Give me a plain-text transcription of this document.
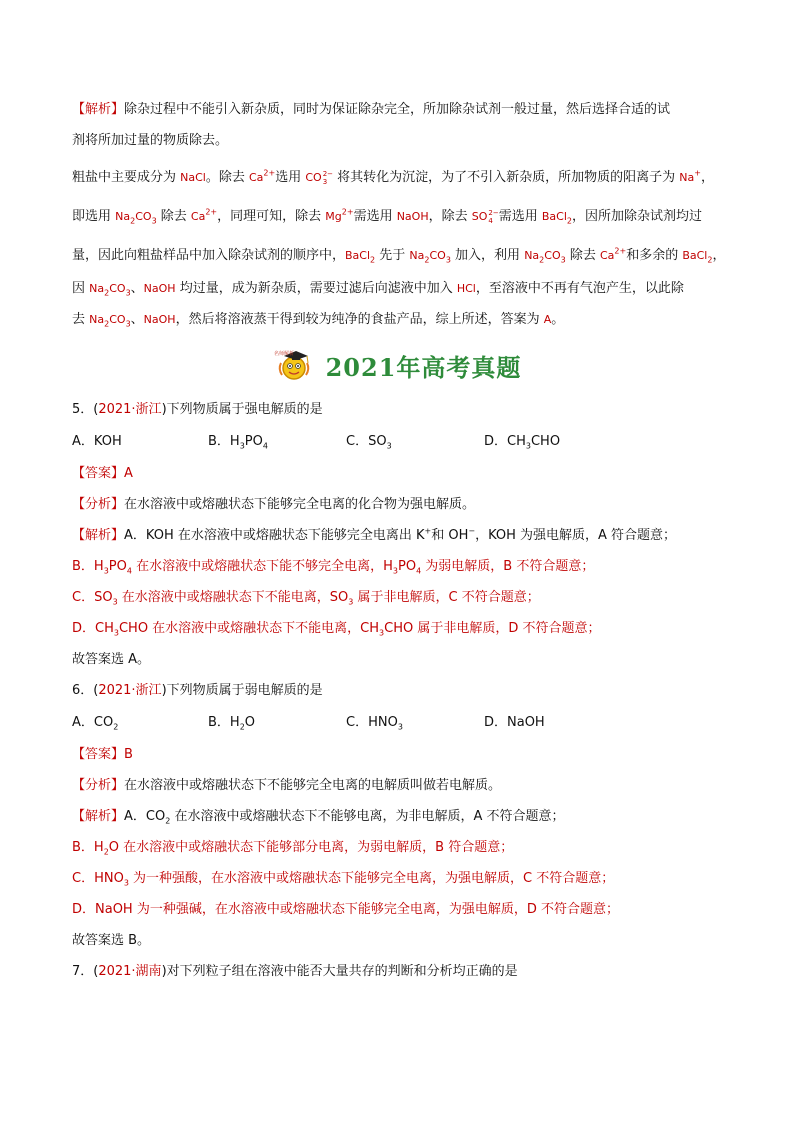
【解析】除杂过程中不能引入新杂质，同时为保证除杂完全，所加除杂试剂一般过量，然后选择合适的试
剂将所加过量的物质除去。
粗盐中主要成分为 NaCl。除去 $Ca^{2+}$选用 CO 2−
3 将其转化为沉淀，为了不引入新杂质，所加物质的阳离子为 Na+，
即选用 $Na_2CO_3$ 除去 $Ca^{2+}$，同理可知，除去 $Mg^{2+}$需选用 NaOH，除去 SO 2−
4 需选用 BaCl$_2$，因所加除杂试剂均过
量，因此向粗盐样品中加入除杂试剂的顺序中，BaCl$_2$ 先于 $Na_2CO_3$ 加入，利用 $Na_2CO_3$ 除去 $Ca^{2+}$和多余的 BaCl$_2$，
因 $Na_2CO_3$、NaOH 均过量，成为新杂质，需要过滤后向滤液中加入 HCl，至溶液中不再有气泡产生，以此除
去 $Na_2CO_3$、NaOH，然后将溶液蒸干得到较为纯净的食盐产品，综上所述，答案为 A。
名师解析 2021年高考真题
5．(2021·浙江)下列物质属于强电解质的是
A．KOH	B．$H_3PO_4$	C．$SO_3$	D．$CH_3CHO$
【答案】A
【分析】在水溶液中或熔融状态下能够完全电离的化合物为强电解质。
【解析】A．KOH 在水溶液中或熔融状态下能够完全电离出 K+和 OH−，KOH 为强电解质，A 符合题意；
B．$H_3PO_4$ 在水溶液中或熔融状态下能不够完全电离，$H_3PO_4$ 为弱电解质，B 不符合题意；
C．$SO_3$ 在水溶液中或熔融状态下不能电离，$SO_3$ 属于非电解质，C 不符合题意；
D．$CH_3CHO$ 在水溶液中或熔融状态下不能电离，$CH_3CHO$ 属于非电解质，D 不符合题意；
故答案选 A。
6．(2021·浙江)下列物质属于弱电解质的是
A．$CO_2$	B．$H_2O$	C．$HNO_3$	D．NaOH
【答案】B
【分析】在水溶液中或熔融状态下不能够完全电离的电解质叫做若电解质。
【解析】A．$CO_2$ 在水溶液中或熔融状态下不能够电离，为非电解质，A 不符合题意；
B．$H_2O$ 在水溶液中或熔融状态下能够部分电离，为弱电解质，B 符合题意；
C．$HNO_3$ 为一种强酸，在水溶液中或熔融状态下能够完全电离，为强电解质，C 不符合题意；
D．NaOH 为一种强碱，在水溶液中或熔融状态下能够完全电离，为强电解质，D 不符合题意；
故答案选 B。
7．(2021·湖南)对下列粒子组在溶液中能否大量共存的判断和分析均正确的是
